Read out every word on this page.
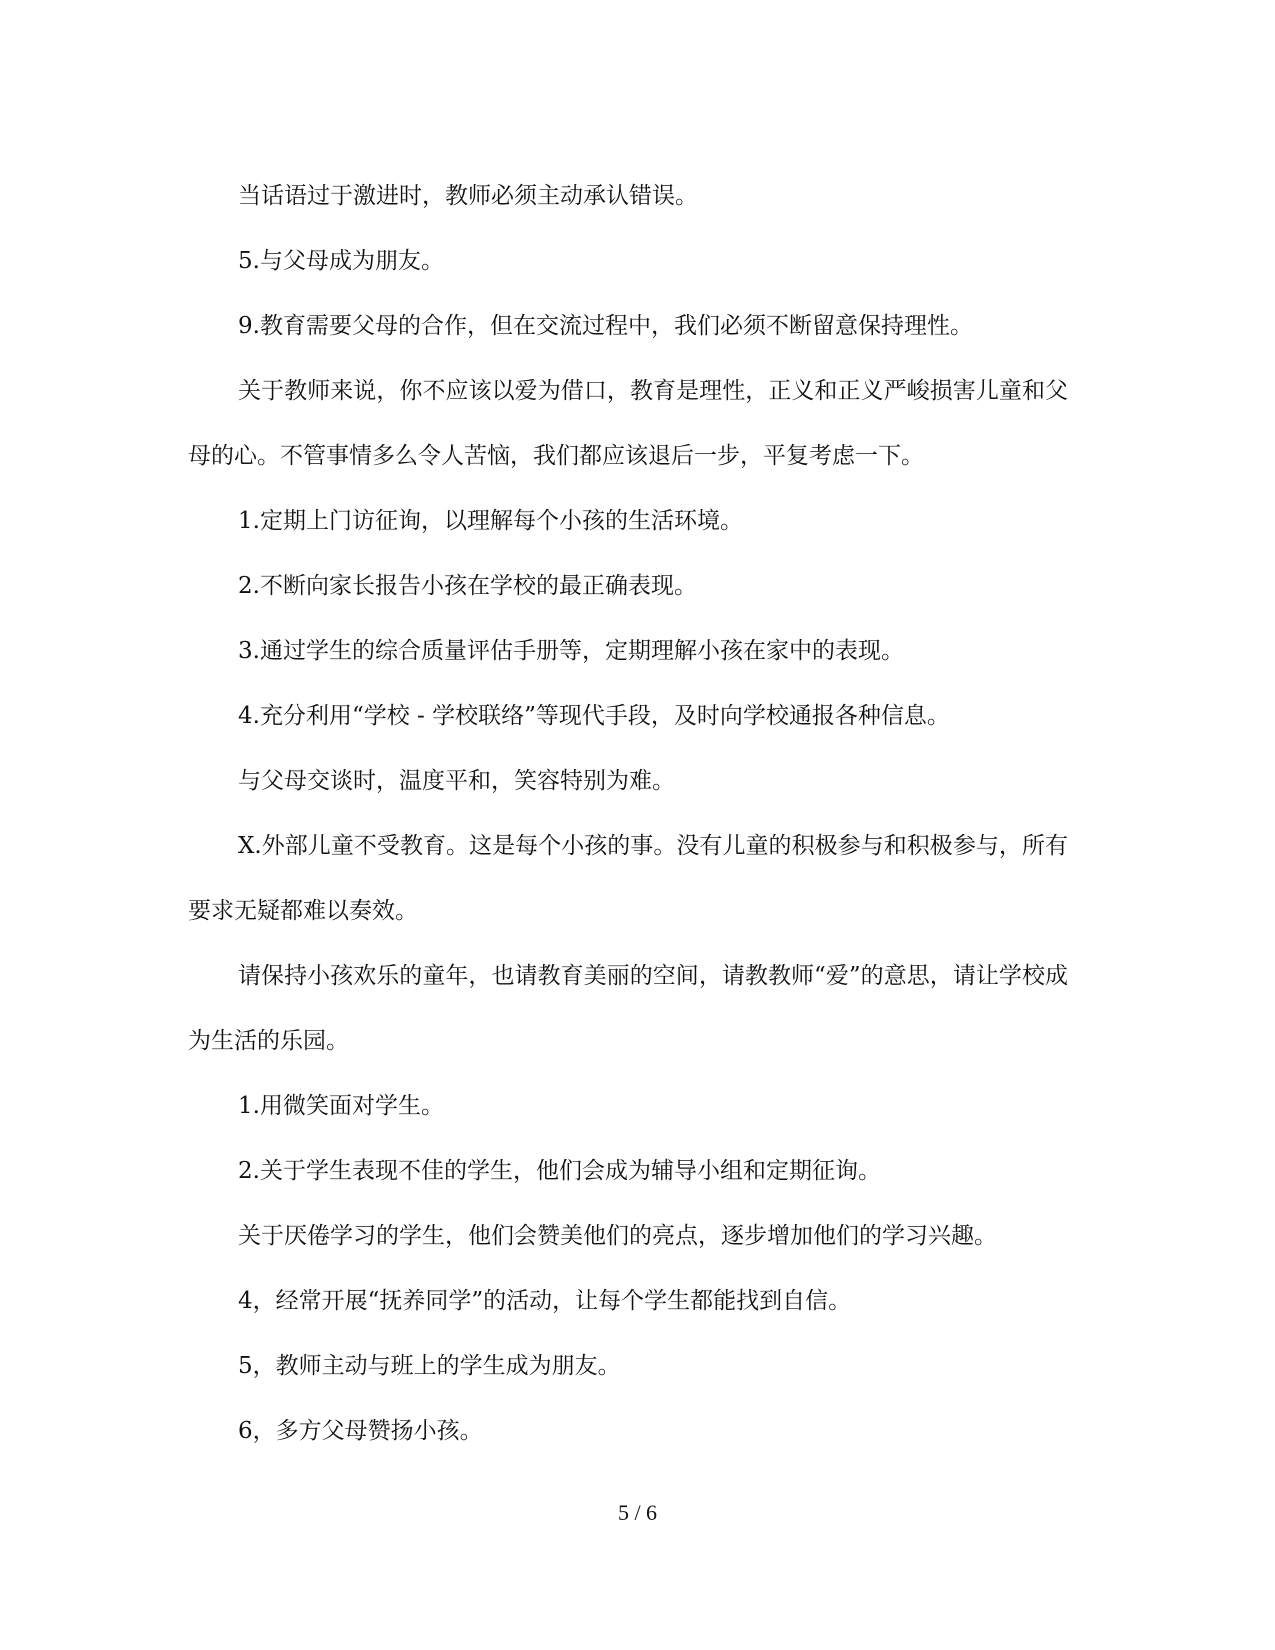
当话语过于激进时，教师必须主动承认错误。

5.与父母成为朋友。

9.教育需要父母的合作，但在交流过程中，我们必须不断留意保持理性。

关于教师来说，你不应该以爱为借口，教育是理性，正义和正义严峻损害儿童和父母的心。不管事情多么令人苦恼，我们都应该退后一步，平复考虑一下。

1.定期上门访征询，以理解每个小孩的生活环境。

2.不断向家长报告小孩在学校的最正确表现。

3.通过学生的综合质量评估手册等，定期理解小孩在家中的表现。

4.充分利用“学校 - 学校联络”等现代手段，及时向学校通报各种信息。

与父母交谈时，温度平和，笑容特别为难。

X.外部儿童不受教育。这是每个小孩的事。没有儿童的积极参与和积极参与，所有要求无疑都难以奏效。

请保持小孩欢乐的童年，也请教育美丽的空间，请教教师“爱”的意思，请让学校成为生活的乐园。

1.用微笑面对学生。

2.关于学生表现不佳的学生，他们会成为辅导小组和定期征询。

关于厌倦学习的学生，他们会赞美他们的亮点，逐步增加他们的学习兴趣。

4，经常开展“抚养同学”的活动，让每个学生都能找到自信。

5，教师主动与班上的学生成为朋友。

6，多方父母赞扬小孩。

5 / 6
